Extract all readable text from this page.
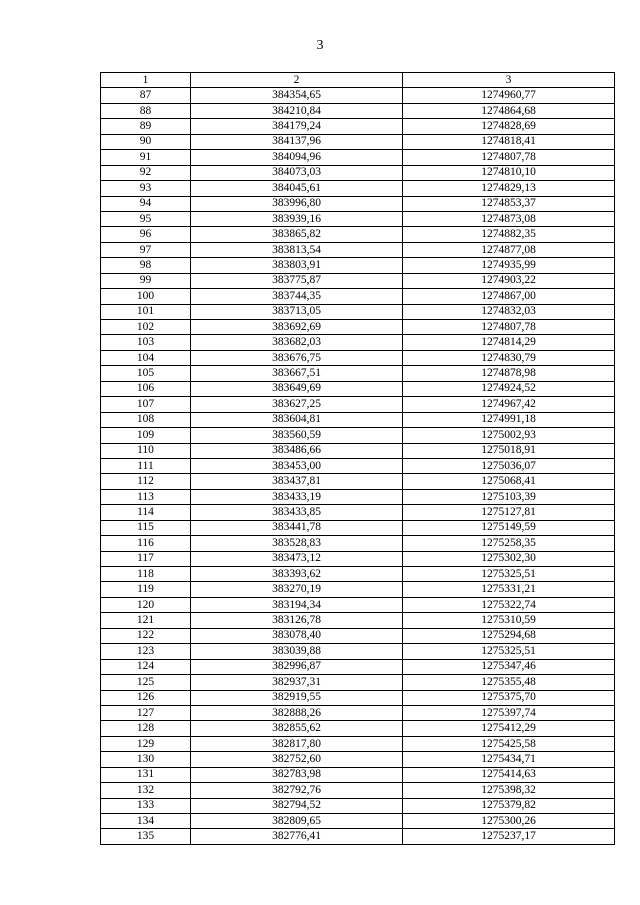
3
1	2	3
87	384354,65	1274960,77
88	384210,84	1274864,68
89	384179,24	1274828,69
90	384137,96	1274818,41
91	384094,96	1274807,78
92	384073,03	1274810,10
93	384045,61	1274829,13
94	383996,80	1274853,37
95	383939,16	1274873,08
96	383865,82	1274882,35
97	383813,54	1274877,08
98	383803,91	1274935,99
99	383775,87	1274903,22
100	383744,35	1274867,00
101	383713,05	1274832,03
102	383692,69	1274807,78
103	383682,03	1274814,29
104	383676,75	1274830,79
105	383667,51	1274878,98
106	383649,69	1274924,52
107	383627,25	1274967,42
108	383604,81	1274991,18
109	383560,59	1275002,93
110	383486,66	1275018,91
111	383453,00	1275036,07
112	383437,81	1275068,41
113	383433,19	1275103,39
114	383433,85	1275127,81
115	383441,78	1275149,59
116	383528,83	1275258,35
117	383473,12	1275302,30
118	383393,62	1275325,51
119	383270,19	1275331,21
120	383194,34	1275322,74
121	383126,78	1275310,59
122	383078,40	1275294,68
123	383039,88	1275325,51
124	382996,87	1275347,46
125	382937,31	1275355,48
126	382919,55	1275375,70
127	382888,26	1275397,74
128	382855,62	1275412,29
129	382817,80	1275425,58
130	382752,60	1275434,71
131	382783,98	1275414,63
132	382792,76	1275398,32
133	382794,52	1275379,82
134	382809,65	1275300,26
135	382776,41	1275237,17
